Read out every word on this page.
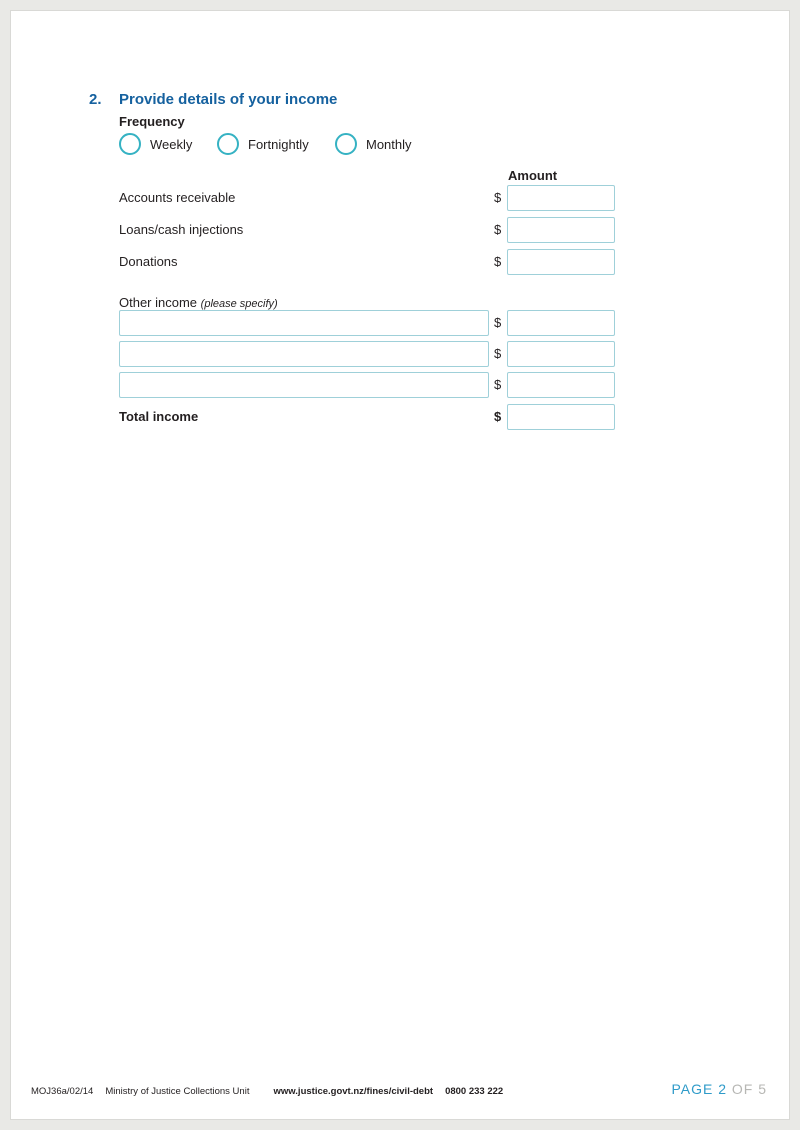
2.	Provide details of your income
Frequency
Weekly	Fortnightly	Monthly
Amount
Accounts receivable	$
Loans/cash injections	$
Donations	$
Other income (please specify)
$
$
$
Total income	$
MOJ36a/02/14 Ministry of Justice Collections Unit	www.justice.govt.nz/fines/civil-debt 0800 233 222	PAGE 2 OF 5
